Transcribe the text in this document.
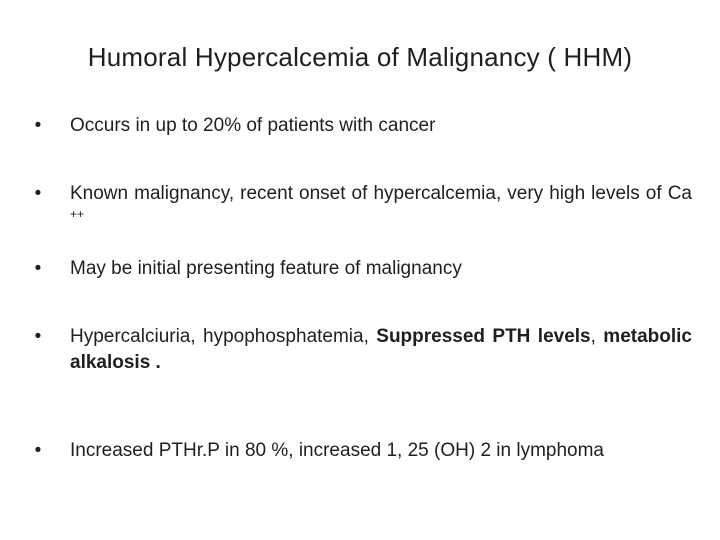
Humoral Hypercalcemia of Malignancy ( HHM)
•	Occurs in up to 20% of patients with cancer
•	Known malignancy, recent onset of hypercalcemia, very high levels of Ca ++
•	May be initial presenting feature of malignancy
•	Hypercalciuria, hypophosphatemia, Suppressed PTH levels, metabolic alkalosis .
•	Increased PTHr.P in 80 %, increased 1, 25 (OH) 2 in lymphoma
